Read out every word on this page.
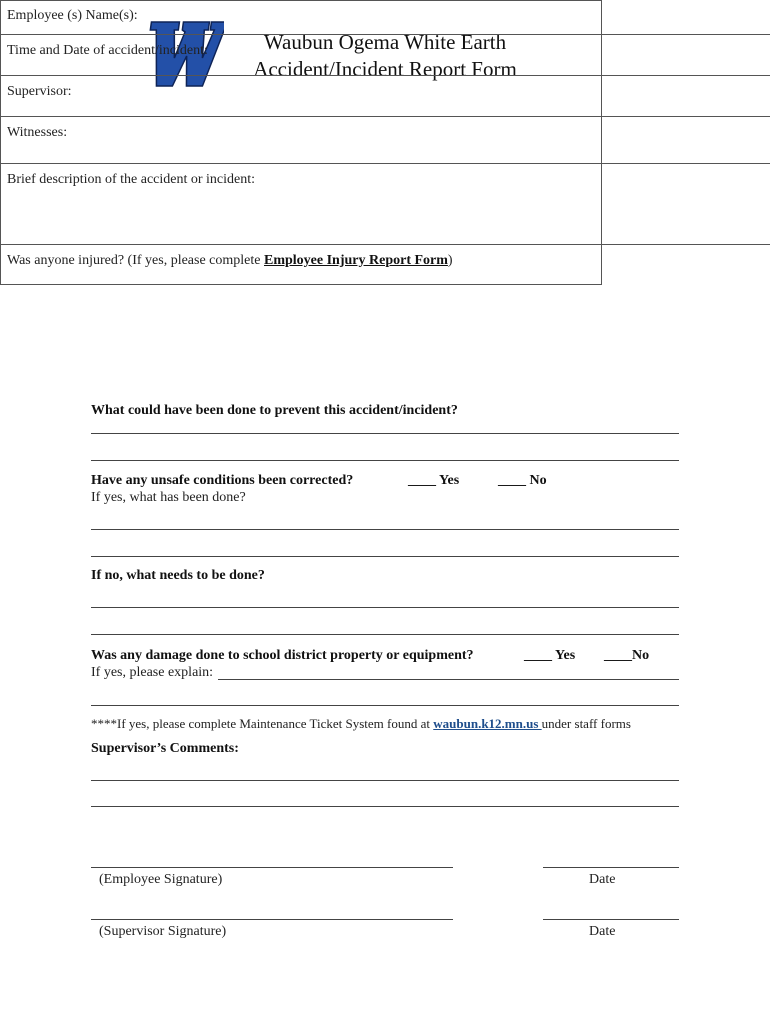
Waubun Ogema White Earth
Accident/Incident Report Form
Employee (s) Name(s):
Time and Date of accident/incident:
Supervisor:
Witnesses:
Brief description of the accident or incident:
Was anyone injured? (If yes, please complete Employee Injury Report Form)
What could have been done to prevent this accident/incident?
Have any unsafe conditions been corrected?	____ Yes	____ No
If yes, what has been done?
If no, what needs to be done?
Was any damage done to school district property or equipment?	____ Yes ____No
If yes, please explain:
****If yes, please complete Maintenance Ticket System found at waubun.k12.mn.us under staff forms
Supervisor’s Comments:
(Employee Signature)	Date
(Supervisor Signature)	Date
